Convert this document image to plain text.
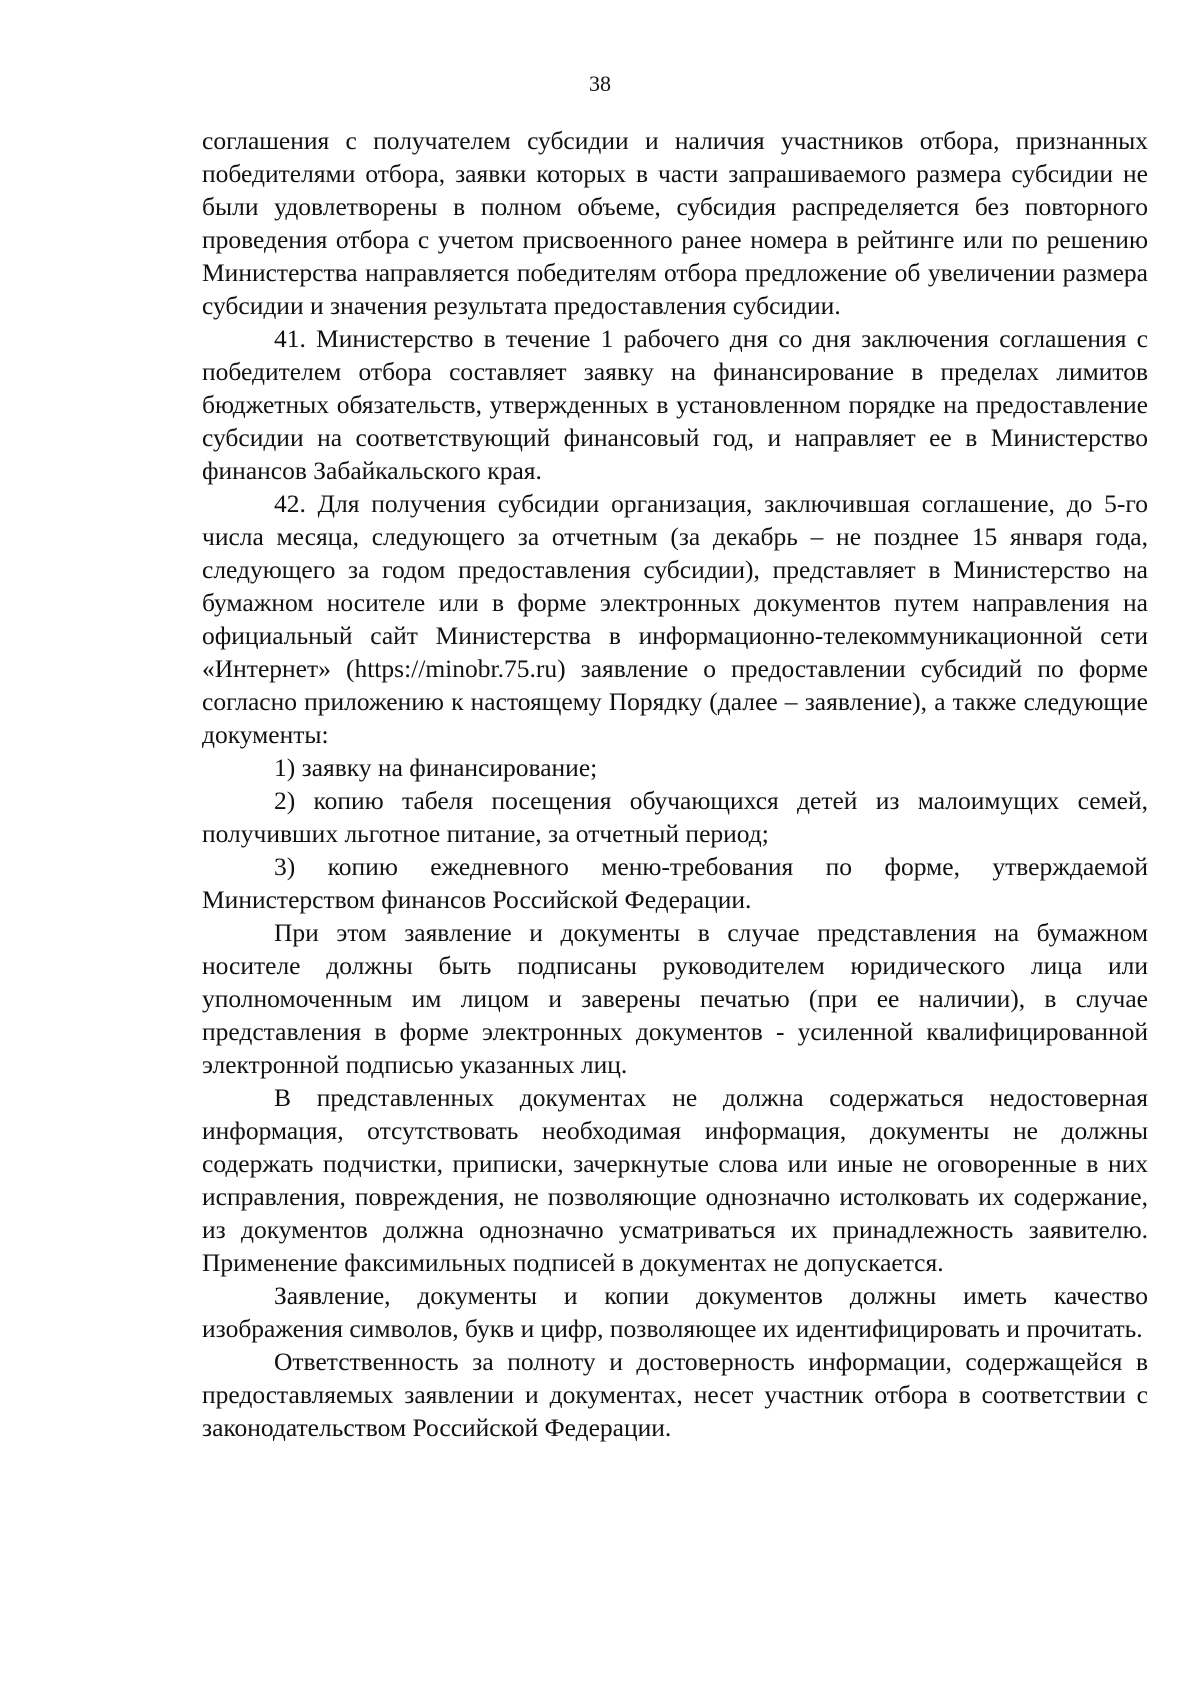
38

соглашения с получателем субсидии и наличия участников отбора, признанных победителями отбора, заявки которых в части запрашиваемого размера субсидии не были удовлетворены в полном объеме, субсидия распределяется без повторного проведения отбора с учетом присвоенного ранее номера в рейтинге или по решению Министерства направляется победителям отбора предложение об увеличении размера субсидии и значения результата предоставления субсидии.

41. Министерство в течение 1 рабочего дня со дня заключения соглашения с победителем отбора составляет заявку на финансирование в пределах лимитов бюджетных обязательств, утвержденных в установленном порядке на предоставление субсидии на соответствующий финансовый год, и направляет ее в Министерство финансов Забайкальского края.

42. Для получения субсидии организация, заключившая соглашение, до 5-го числа месяца, следующего за отчетным (за декабрь – не позднее 15 января года, следующего за годом предоставления субсидии), представляет в Министерство на бумажном носителе или в форме электронных документов путем направления на официальный сайт Министерства в информационно-телекоммуникационной сети «Интернет» (https://minobr.75.ru) заявление о предоставлении субсидий по форме согласно приложению к настоящему Порядку (далее – заявление), а также следующие документы:

1) заявку на финансирование;

2) копию табеля посещения обучающихся детей из малоимущих семей, получивших льготное питание, за отчетный период;

3) копию ежедневного меню-требования по форме, утверждаемой Министерством финансов Российской Федерации.

При этом заявление и документы в случае представления на бумажном носителе должны быть подписаны руководителем юридического лица или уполномоченным им лицом и заверены печатью (при ее наличии), в случае представления в форме электронных документов - усиленной квалифицированной электронной подписью указанных лиц.

В представленных документах не должна содержаться недостоверная информация, отсутствовать необходимая информация, документы не должны содержать подчистки, приписки, зачеркнутые слова или иные не оговоренные в них исправления, повреждения, не позволяющие однозначно истолковать их содержание, из документов должна однозначно усматриваться их принадлежность заявителю. Применение факсимильных подписей в документах не допускается.

Заявление, документы и копии документов должны иметь качество изображения символов, букв и цифр, позволяющее их идентифицировать и прочитать.

Ответственность за полноту и достоверность информации, содержащейся в предоставляемых заявлении и документах, несет участник отбора в соответствии с законодательством Российской Федерации.
